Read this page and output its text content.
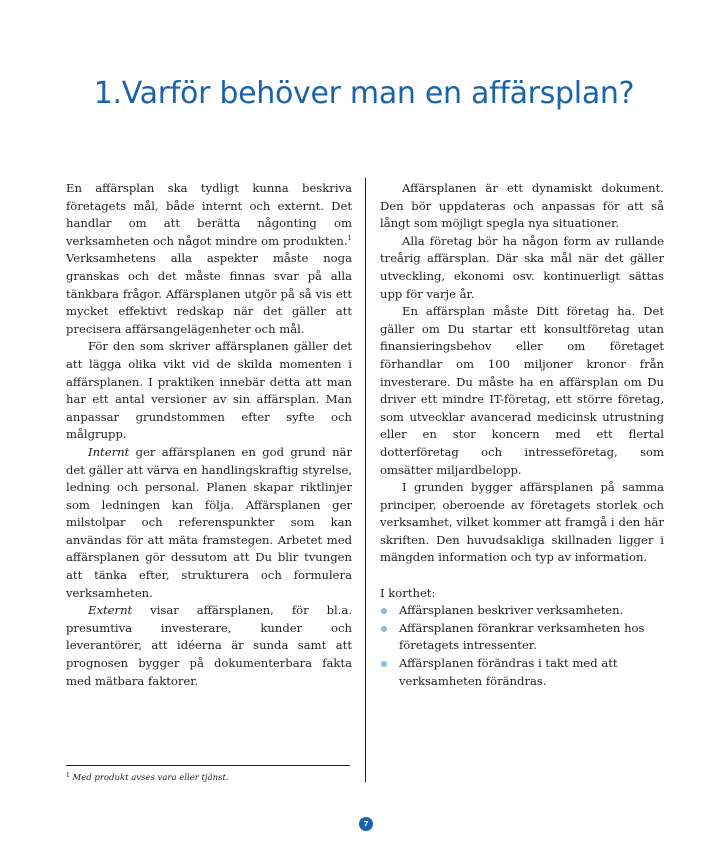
1.Varför behöver man en affärsplan?

En affärsplan ska tydligt kunna beskriva företagets mål, både internt och externt. Det handlar om att berätta någonting om verksamheten och något mindre om produkten.$^1$ Verksamhetens alla aspekter måste noga granskas och det måste finnas svar på alla tänkbara frågor. Affärsplanen utgör på så vis ett mycket effektivt redskap när det gäller att precisera affärsangelägenheter och mål.

För den som skriver affärsplanen gäller det att lägga olika vikt vid de skilda momenten i affärsplanen. I praktiken innebär detta att man har ett antal versioner av sin affärsplan. Man anpassar grundstommen efter syfte och målgrupp.

Internt ger affärsplanen en god grund när det gäller att värva en handlingskraftig styrelse, ledning och personal. Planen skapar riktlinjer som ledningen kan följa. Affärsplanen ger milstolpar och referenspunkter som kan användas för att mäta framstegen. Arbetet med affärsplanen gör dessutom att Du blir tvungen att tänka efter, strukturera och formulera verksamheten.

Externt visar affärsplanen, för bl.a. presumtiva investerare, kunder och leverantörer, att idéerna är sunda samt att prognosen bygger på dokumenterbara fakta med mätbara faktorer.

Affärsplanen är ett dynamiskt dokument. Den bör uppdateras och anpassas för att så långt som möjligt spegla nya situationer.

Alla företag bör ha någon form av rullande treårig affärsplan. Där ska mål när det gäller utveckling, ekonomi osv. kontinuerligt sättas upp för varje år.

En affärsplan måste Ditt företag ha. Det gäller om Du startar ett konsultföretag utan finansieringsbehov eller om företaget förhandlar om 100 miljoner kronor från investerare. Du måste ha en affärsplan om Du driver ett mindre IT-företag, ett större företag, som utvecklar avancerad medicinsk utrustning eller en stor koncern med ett flertal dotterföretag och intresseföretag, som omsätter miljardbelopp.

I grunden bygger affärsplanen på samma principer, oberoende av företagets storlek och verksamhet, vilket kommer att framgå i den här skriften. Den huvudsakliga skillnaden ligger i mängden information och typ av information.

I korthet:

Affärsplanen beskriver verksamheten.
Affärsplanen förankrar verksamheten hos företagets intressenter.
Affärsplanen förändras i takt med att verksamheten förändras.

$^1$ Med produkt avses vara eller tjänst.

7
